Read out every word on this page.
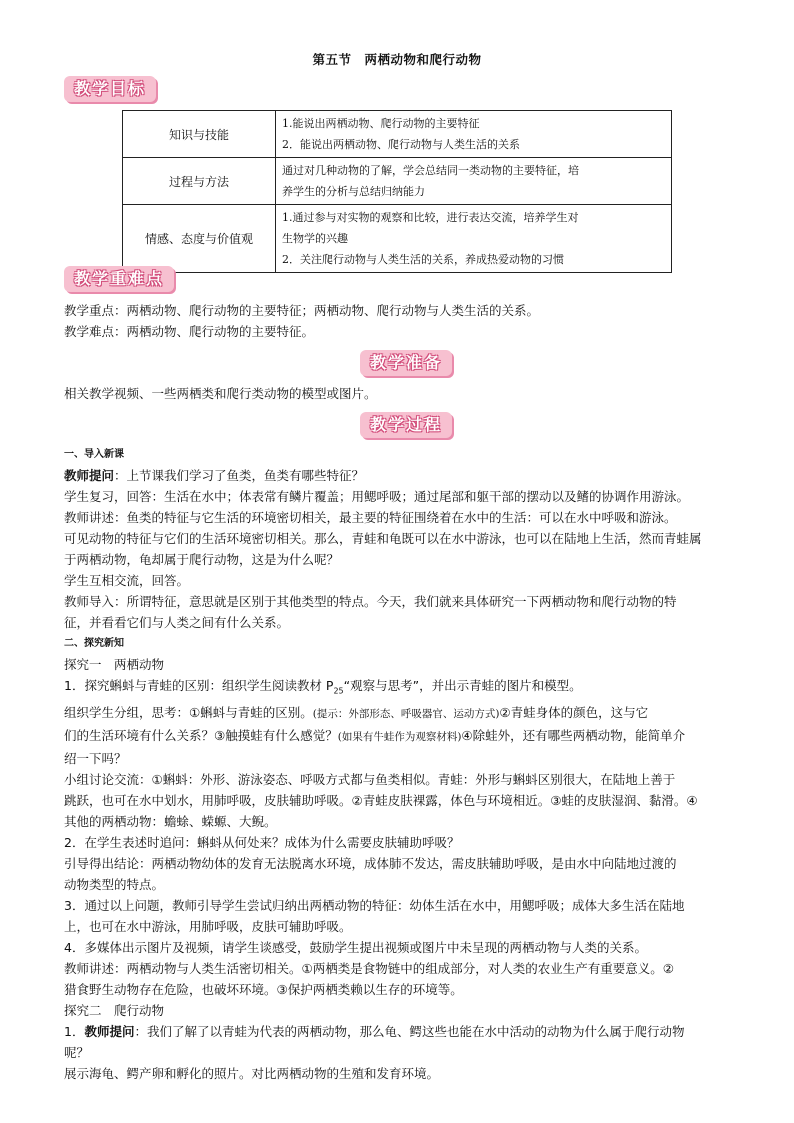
第五节　两栖动物和爬行动物
教学目标
知识与技能	1.能说出两栖动物、爬行动物的主要特征
2．能说出两栖动物、爬行动物与人类生活的关系

过程与方法	通过对几种动物的了解，学会总结同一类动物的主要特征，培
养学生的分析与总结归纳能力

情感、态度与价值观	1.通过参与对实物的观察和比较，进行表达交流，培养学生对
生物学的兴趣
2．关注爬行动物与人类生活的关系，养成热爱动物的习惯
教学重难点
教学重点：两栖动物、爬行动物的主要特征；两栖动物、爬行动物与人类生活的关系。
教学难点：两栖动物、爬行动物的主要特征。
教学准备
相关教学视频、一些两栖类和爬行类动物的模型或图片。
教学过程
一、导入新课
教师提问：上节课我们学习了鱼类，鱼类有哪些特征？
学生复习，回答：生活在水中；体表常有鳞片覆盖；用鳃呼吸；通过尾部和躯干部的摆动以及鳍的协调作用游泳。
教师讲述：鱼类的特征与它生活的环境密切相关，最主要的特征围绕着在水中的生活：可以在水中呼吸和游泳。
可见动物的特征与它们的生活环境密切相关。那么，青蛙和龟既可以在水中游泳，也可以在陆地上生活，然而青蛙属
于两栖动物，龟却属于爬行动物，这是为什么呢？
学生互相交流，回答。
教师导入：所谓特征，意思就是区别于其他类型的特点。今天，我们就来具体研究一下两栖动物和爬行动物的特
征，并看看它们与人类之间有什么关系。
二、探究新知
探究一　两栖动物
1．探究蝌蚪与青蛙的区别：组织学生阅读教材 $P_{25}“$观察与思考”，并出示青蛙的图片和模型。
组织学生分组，思考：①蝌蚪与青蛙的区别。(提示：外部形态、呼吸器官、运动方式)②青蛙身体的颜色，这与它
们的生活环境有什么关系？③触摸蛙有什么感觉？(如果有牛蛙作为观察材料)④除蛙外，还有哪些两栖动物，能简单介
绍一下吗？
小组讨论交流：①蝌蚪：外形、游泳姿态、呼吸方式都与鱼类相似。青蛙：外形与蝌蚪区别很大，在陆地上善于
跳跃，也可在水中划水，用肺呼吸，皮肤辅助呼吸。②青蛙皮肤裸露，体色与环境相近。③蛙的皮肤湿润、黏滑。④
其他的两栖动物：蟾蜍、蝾螈、大鲵。
2．在学生表述时追问：蝌蚪从何处来？成体为什么需要皮肤辅助呼吸？
引导得出结论：两栖动物幼体的发育无法脱离水环境，成体肺不发达，需皮肤辅助呼吸，是由水中向陆地过渡的
动物类型的特点。
3．通过以上问题，教师引导学生尝试归纳出两栖动物的特征：幼体生活在水中，用鳃呼吸；成体大多生活在陆地
上，也可在水中游泳，用肺呼吸，皮肤可辅助呼吸。
4．多媒体出示图片及视频，请学生谈感受，鼓励学生提出视频或图片中未呈现的两栖动物与人类的关系。
教师讲述：两栖动物与人类生活密切相关。①两栖类是食物链中的组成部分，对人类的农业生产有重要意义。②
猎食野生动物存在危险，也破坏环境。③保护两栖类赖以生存的环境等。
探究二　爬行动物
1．教师提问：我们了解了以青蛙为代表的两栖动物，那么龟、鳄这些也能在水中活动的动物为什么属于爬行动物
呢？
展示海龟、鳄产卵和孵化的照片。对比两栖动物的生殖和发育环境。
